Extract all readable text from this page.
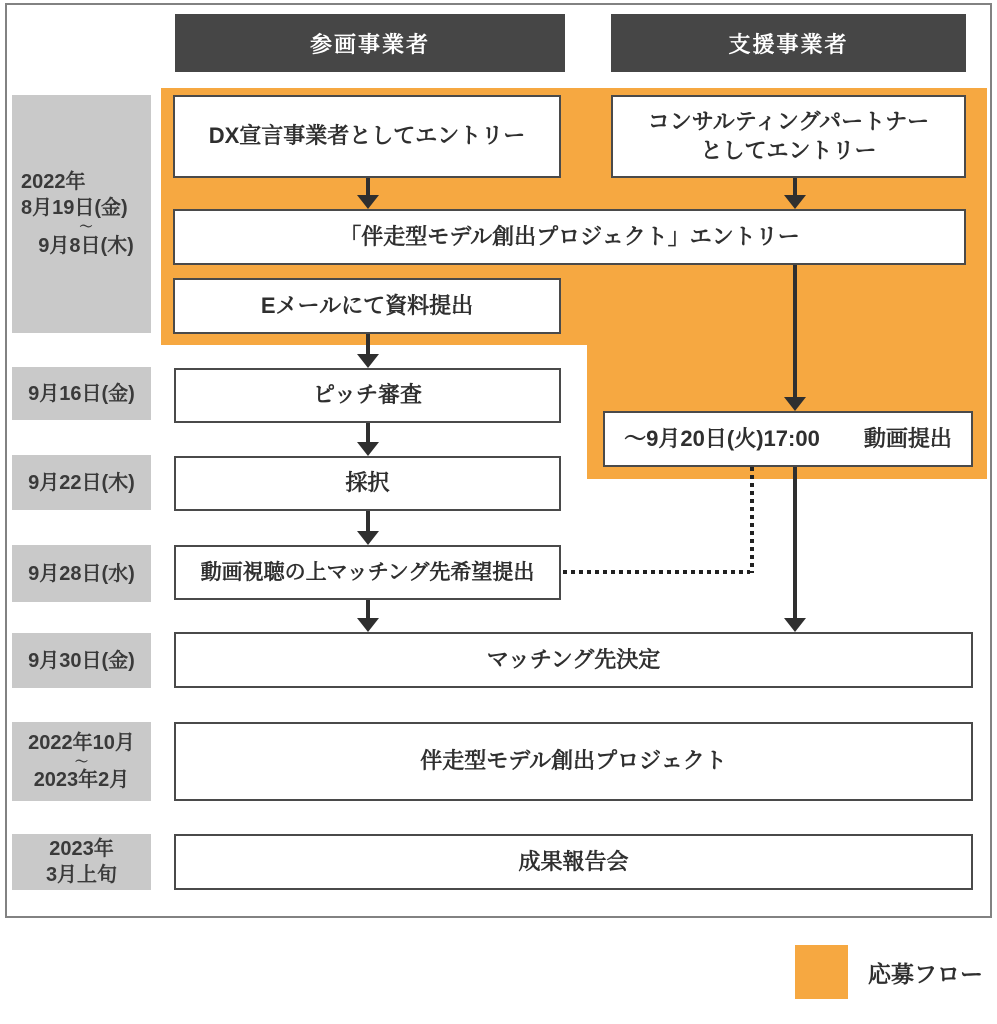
参画事業者	支援事業者
2022年
8月19日(金)
～
9月8日(木)
9月16日(金)
9月22日(木)
9月28日(水)
9月30日(金)
2022年10月
～
2023年2月
2023年
3月上旬
DX宣言事業者としてエントリー
コンサルティングパートナー
としてエントリー
「伴走型モデル創出プロジェクト」エントリー
Eメールにて資料提出
ピッチ審査
採択
動画視聴の上マッチング先希望提出
～9月20日(火)17:00 動画提出
マッチング先決定
伴走型モデル創出プロジェクト
成果報告会
応募フロー
